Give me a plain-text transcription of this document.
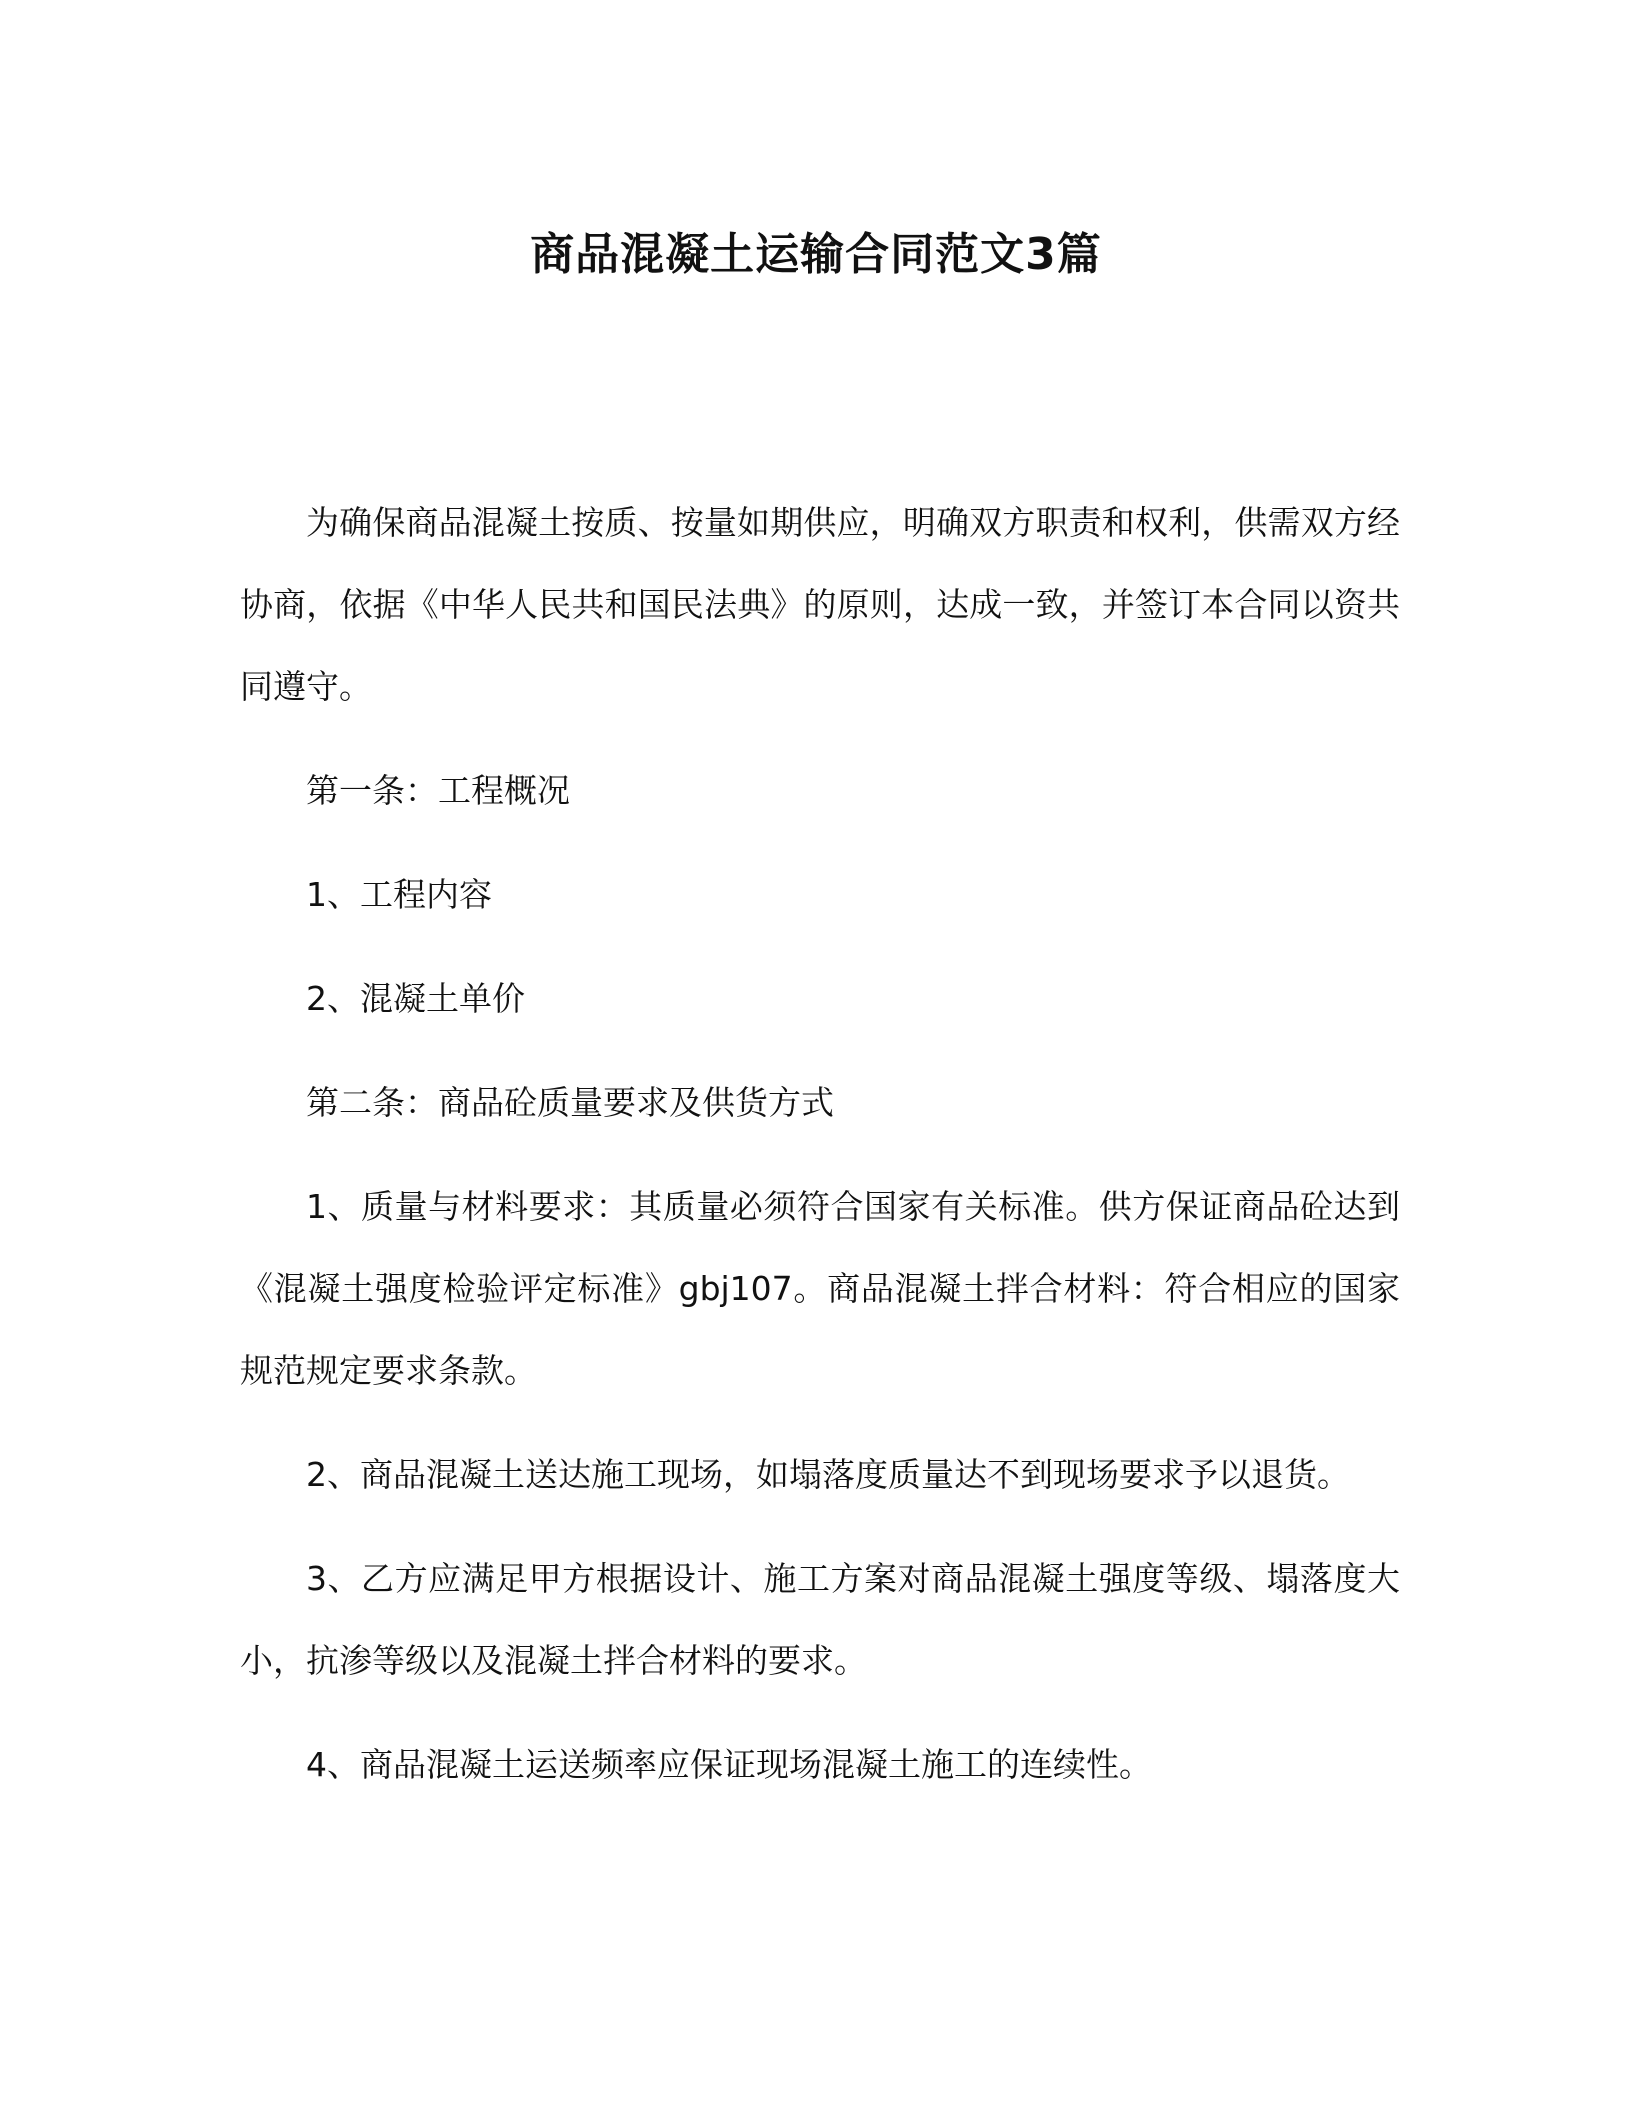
商品混凝土运输合同范文3篇

为确保商品混凝土按质、按量如期供应，明确双方职责和权利，供需双方经协商，依据《中华人民共和国民法典》的原则，达成一致，并签订本合同以资共同遵守。

第一条：工程概况

1、工程内容

2、混凝土单价

第二条：商品砼质量要求及供货方式

1、质量与材料要求：其质量必须符合国家有关标准。供方保证商品砼达到《混凝土强度检验评定标准》gbj107。商品混凝土拌合材料：符合相应的国家规范规定要求条款。

2、商品混凝土送达施工现场，如塌落度质量达不到现场要求予以退货。

3、乙方应满足甲方根据设计、施工方案对商品混凝土强度等级、塌落度大小，抗渗等级以及混凝土拌合材料的要求。

4、商品混凝土运送频率应保证现场混凝土施工的连续性。
